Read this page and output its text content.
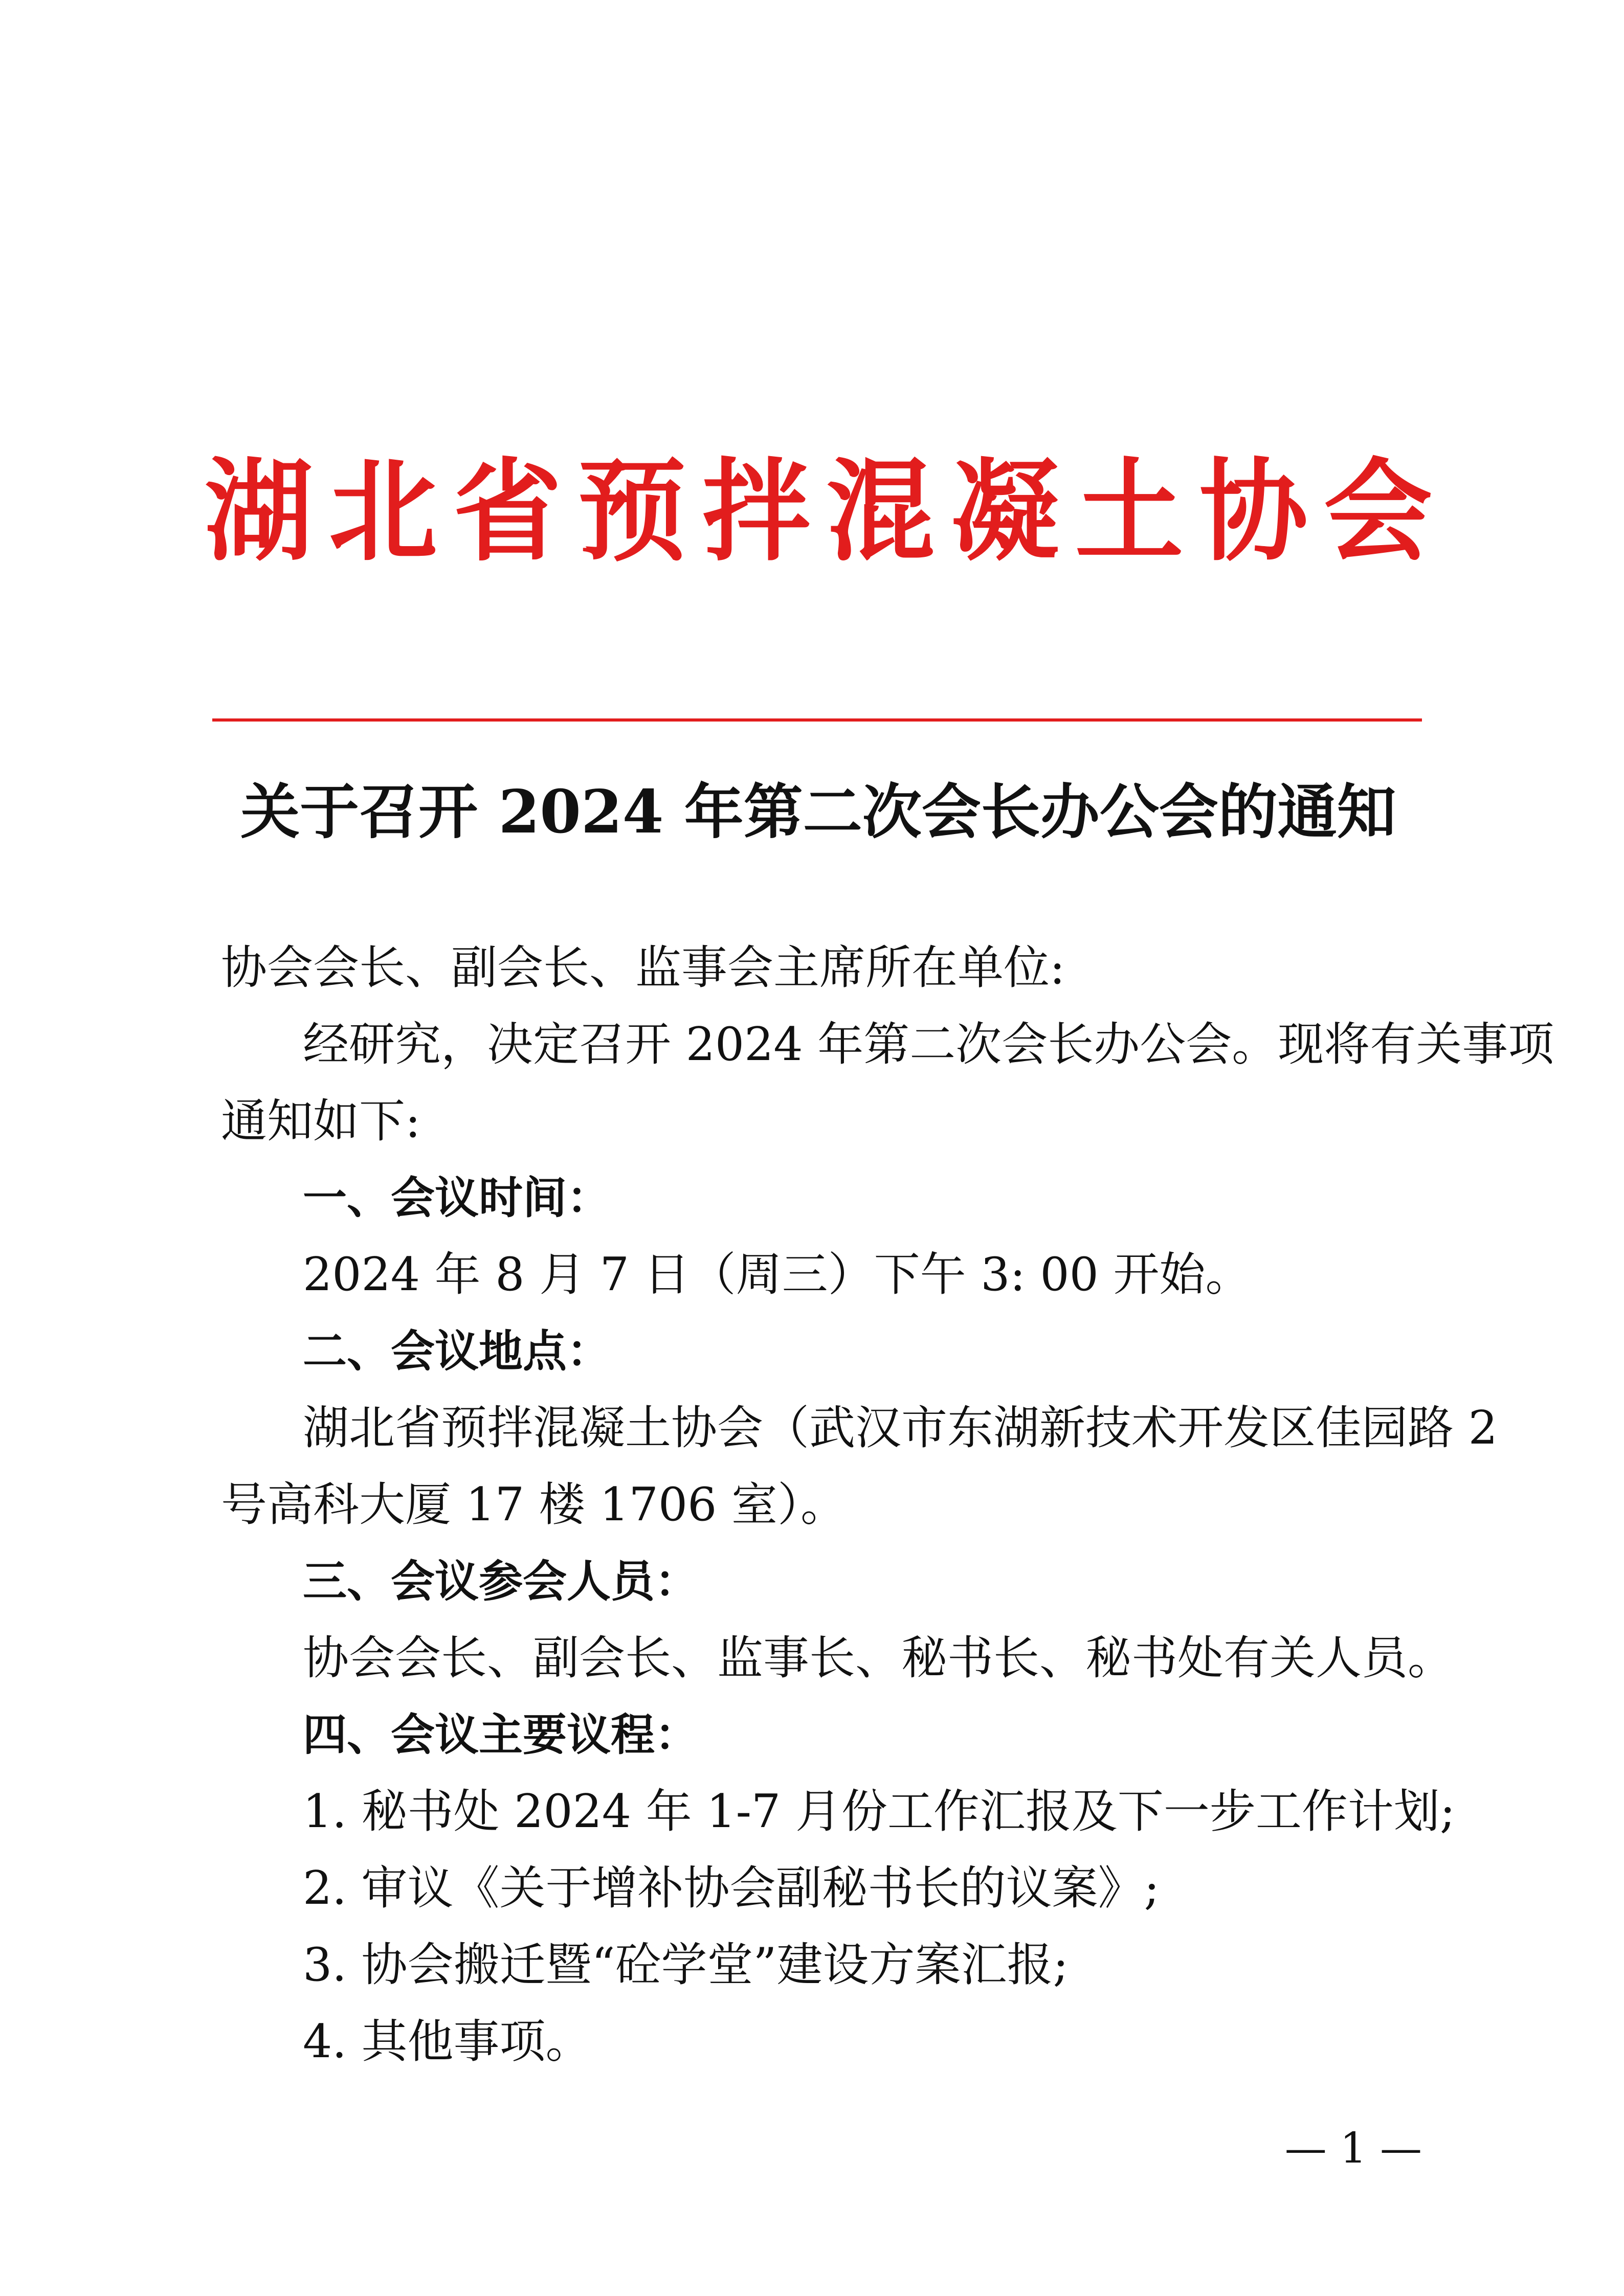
湖 北 省 预 拌 混 凝 土 协 会
关于召开 2024 年第二次会长办公会的通知
协会会长、副会长、监事会主席所在单位:
经研究，决定召开 2024 年第二次会长办公会。现将有关事项
通知如下:
一、会议时间：
2024 年 8 月 7 日（周三）下午 3: 00 开始。
二、会议地点：
湖北省预拌混凝土协会（武汉市东湖新技术开发区佳园路 2
号高科大厦 17 楼 1706 室）。
三、会议参会人员：
协会会长、副会长、监事长、秘书长、秘书处有关人员。
四、会议主要议程：
1. 秘书处 2024 年 1-7 月份工作汇报及下一步工作计划;
2. 审议《关于增补协会副秘书长的议案》;
3. 协会搬迁暨“砼学堂”建设方案汇报;
4. 其他事项。
— 1 —
